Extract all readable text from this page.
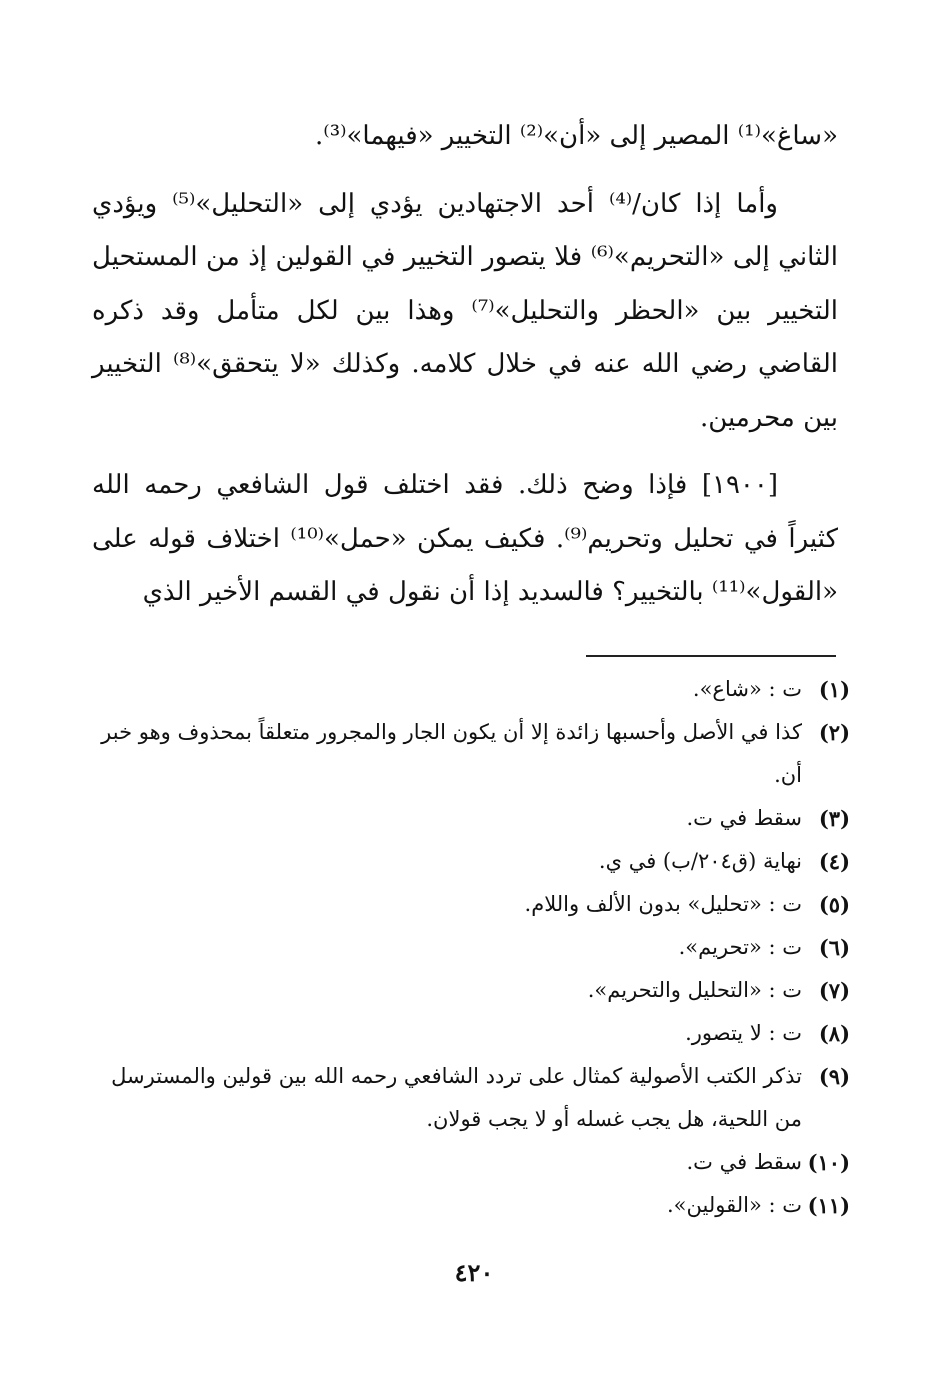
«ساغ»⁽¹⁾ المصير إلى «أن»⁽²⁾ التخيير «فيهما»⁽³⁾.

وأما إذا كان/⁽⁴⁾ أحد الاجتهادين يؤدي إلى «التحليل»⁽⁵⁾ ويؤدي الثاني إلى «التحريم»⁽⁶⁾ فلا يتصور التخيير في القولين إذ من المستحيل التخيير بين «الحظر والتحليل»⁽⁷⁾ وهذا بين لكل متأمل وقد ذكره القاضي رضي الله عنه في خلال كلامه. وكذلك «لا يتحقق»⁽⁸⁾ التخيير بين محرمين.

[١٩٠٠] فإذا وضح ذلك. فقد اختلف قول الشافعي رحمه الله كثيراً في تحليل وتحريم⁽⁹⁾. فكيف يمكن «حمل»⁽¹⁰⁾ اختلاف قوله على «القول»⁽¹¹⁾ بالتخيير؟ فالسديد إذا أن نقول في القسم الأخير الذي

(١)
ت : «شاع».
(٢)
كذا في الأصل وأحسبها زائدة إلا أن يكون الجار والمجرور متعلقاً بمحذوف وهو خبر أن.
(٣)
سقط في ت.
(٤)
نهاية (ق٢٠٤/ب) في ي.
(٥)
ت : «تحليل» بدون الألف واللام.
(٦)
ت : «تحريم».
(٧)
ت : «التحليل والتحريم».
(٨)
ت : لا يتصور.
(٩)
تذكر الكتب الأصولية كمثال على تردد الشافعي رحمه الله بين قولين والمسترسل من اللحية، هل يجب غسله أو لا يجب قولان.
(١٠)
سقط في ت.
(١١)
ت : «القولين».
٤٢٠
